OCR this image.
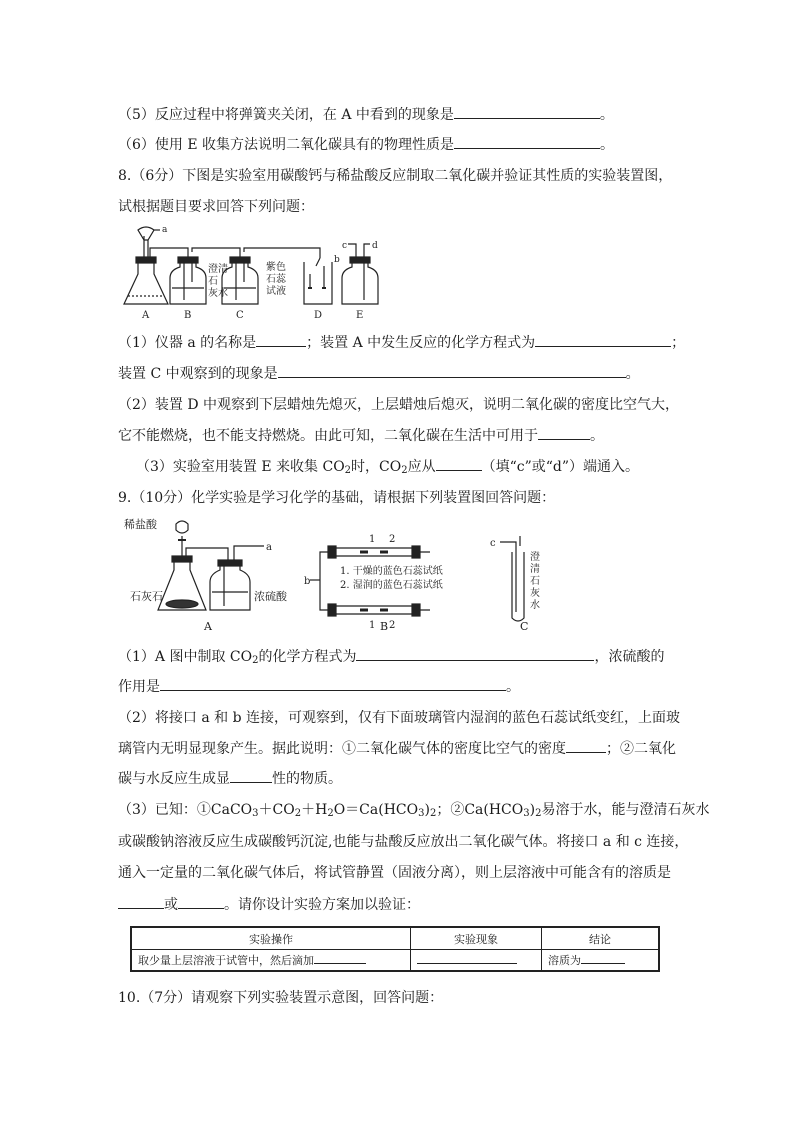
（5）反应过程中将弹簧夹关闭，在 A 中看到的现象是	。
（6）使用 E 收集方法说明二氧化碳具有的物理性质是	。
8.（6分）下图是实验室用碳酸钙与稀盐酸反应制取二氧化碳并验证其性质的实验装置图，
试根据题目要求回答下列问题：
a
b
c	d
澄清
石
灰水
紫色
石蕊
试液
A	B	C	D	E
（1）仪器 a 的名称是	；装置 A 中发生反应的化学方程式为	；
装置 C 中观察到的现象是	。
（2）装置 D 中观察到下层蜡烛先熄灭，上层蜡烛后熄灭，说明二氧化碳的密度比空气大，
它不能燃烧，也不能支持燃烧。由此可知，二氧化碳在生活中可用于	。
（3）实验室用装置 E 来收集 $CO_2$时，$CO_2$应从	（填“c”或“d”）端通入。
9.（10分）化学实验是学习化学的基础，请根据下列装置图回答问题：
稀盐酸
石灰石	浓硫酸
a
b
c
1 2
1 2
1. 干燥的蓝色石蕊试纸
2. 湿润的蓝色石蕊试纸
澄
清
石
灰
水
A	B	C
（1）A 图中制取 $CO_2$的化学方程式为	，浓硫酸的
作用是	。
（2）将接口 a 和 b 连接，可观察到，仅有下面玻璃管内湿润的蓝色石蕊试纸变红，上面玻
璃管内无明显现象产生。据此说明：①二氧化碳气体的密度比空气的密度	；②二氧化
碳与水反应生成显	性的物质。
（3）已知：$①CaCO_3+CO_2+H_2O=Ca(HCO_3)_2$；$②Ca(HCO_3)_2$易溶于水，能与澄清石灰水
或碳酸钠溶液反应生成碳酸钙沉淀,也能与盐酸反应放出二氧化碳气体。将接口 a 和 c 连接，
通入一定量的二氧化碳气体后，将试管静置（固液分离），则上层溶液中可能含有的溶质是
或	。请你设计实验方案加以验证：
实验操作	实验现象	结论
取少量上层溶液于试管中，然后滴加		溶质为
10.（7分）请观察下列实验装置示意图，回答问题：
